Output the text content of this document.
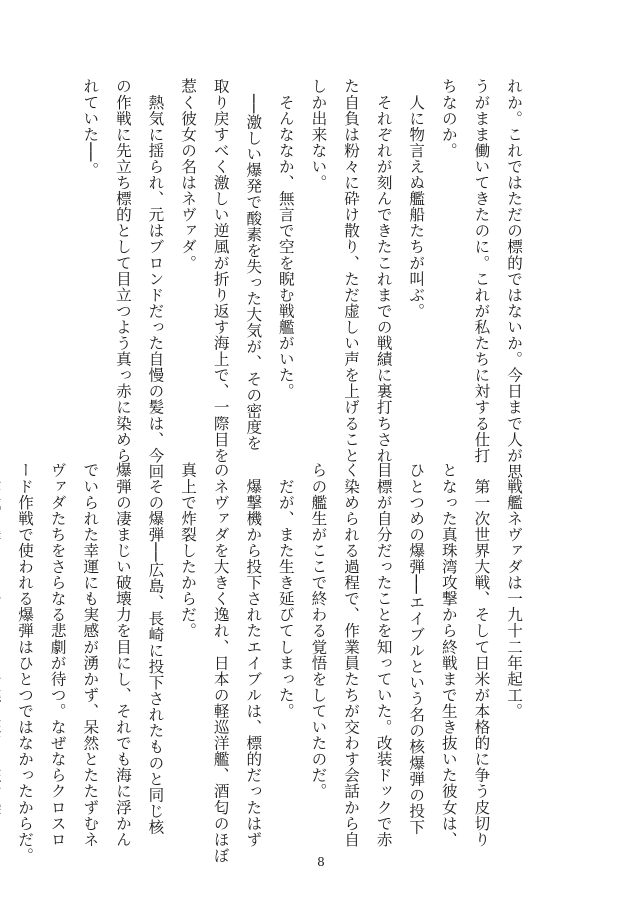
れか。これではただの標的ではないか。今日まで人が思
うがまま働いてきたのに。これが私たちに対する仕打
ちなのか。
　人に物言えぬ艦船たちが叫ぶ。
　それぞれが刻んできたこれまでの戦績に裏打ちされ
た自負は粉々に砕け散り、ただ虚しい声を上げること
しか出来ない。
　そんななか、無言で空を睨む戦艦がいた。
　──激しい爆発で酸素を失った大気が、その密度を
取り戻すべく激しい逆風が折り返す海上で、一際目を
惹く彼女の名はネヴァダ。
　熱気に揺られ、元はブロンドだった自慢の髪は、今回
の作戦に先立ち標的として目立つよう真っ赤に染めら
れていた──。
　戦艦ネヴァダは一九十二年起工。
　第一次世界大戦、そして日米が本格的に争う皮切り
となった真珠湾攻撃から終戦まで生き抜いた彼女は、
ひとつめの爆弾──エイブルという名の核爆弾の投下
目標が自分だったことを知っていた。改装ドックで赤
く染められる過程で、作業員たちが交わす会話から自
らの艦生がここで終わる覚悟をしていたのだ。
　だが、また生き延びてしまった。
　爆撃機から投下されたエイブルは、標的だったはず
のネヴァダを大きく逸れ、日本の軽巡洋艦、酒匂のほぼ
真上で炸裂したからだ。
　その爆弾──広島、長崎に投下されたものと同じ核
爆弾の凄まじい破壊力を目にし、それでも海に浮かん
でいられた幸運にも実感が湧かず、呆然とたたずむネ
ヴァダたちをさらなる悲劇が待つ。なぜならクロスロ
ード作戦で使われる爆弾はひとつではなかったからだ。	8
